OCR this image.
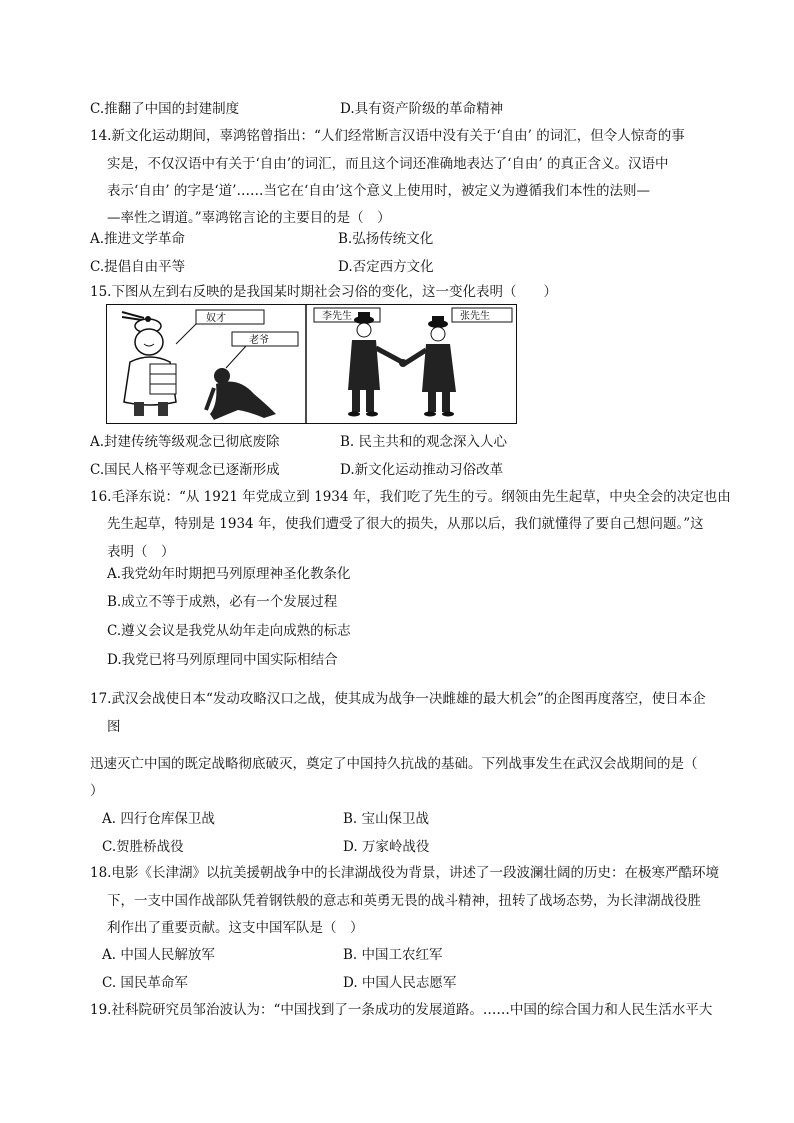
C.推翻了中国的封建制度	D.具有资产阶级的革命精神
14.新文化运动期间，辜鸿铭曾指出：“人们经常断言汉语中没有关于‘自由’ 的词汇，但令人惊奇的事
实是，不仅汉语中有关于‘自由’的词汇，而且这个词还准确地表达了‘自由’ 的真正含义。汉语中
表示‘自由’ 的字是‘道’……当它在‘自由’这个意义上使用时，被定义为遵循我们本性的法则—
—率性之谓道。”辜鸿铭言论的主要目的是（　）
A.推进文学革命	B.弘扬传统文化
C.提倡自由平等	D.否定西方文化
15.下图从左到右反映的是我国某时期社会习俗的变化，这一变化表明（　　）
奴才
老爷
李先生	张先生
A.封建传统等级观念已彻底废除	B. 民主共和的观念深入人心
C.国民人格平等观念已逐渐形成	D.新文化运动推动习俗改革
16.毛泽东说：“从 1921 年党成立到 1934 年，我们吃了先生的亏。纲领由先生起草，中央全会的决定也由
先生起草，特别是 1934 年，使我们遭受了很大的损失，从那以后，我们就懂得了要自己想问题。”这
表明（　）
A.我党幼年时期把马列原理神圣化教条化
B.成立不等于成熟，必有一个发展过程
C.遵义会议是我党从幼年走向成熟的标志
D.我党已将马列原理同中国实际相结合
17.武汉会战使日本“发动攻略汉口之战，使其成为战争一决雌雄的最大机会”的企图再度落空，使日本企
图
迅速灭亡中国的既定战略彻底破灭，奠定了中国持久抗战的基础。下列战事发生在武汉会战期间的是（
）
A. 四行仓库保卫战	B. 宝山保卫战
C.贺胜桥战役	D. 万家岭战役
18.电影《长津湖》以抗美援朝战争中的长津湖战役为背景，讲述了一段波澜壮阔的历史：在极寒严酷环境
下，一支中国作战部队凭着钢铁般的意志和英勇无畏的战斗精神，扭转了战场态势，为长津湖战役胜
利作出了重要贡献。这支中国军队是（　）
A. 中国人民解放军	B. 中国工农红军
C. 国民革命军	D. 中国人民志愿军
19.社科院研究员邹治波认为：“中国找到了一条成功的发展道路。……中国的综合国力和人民生活水平大
